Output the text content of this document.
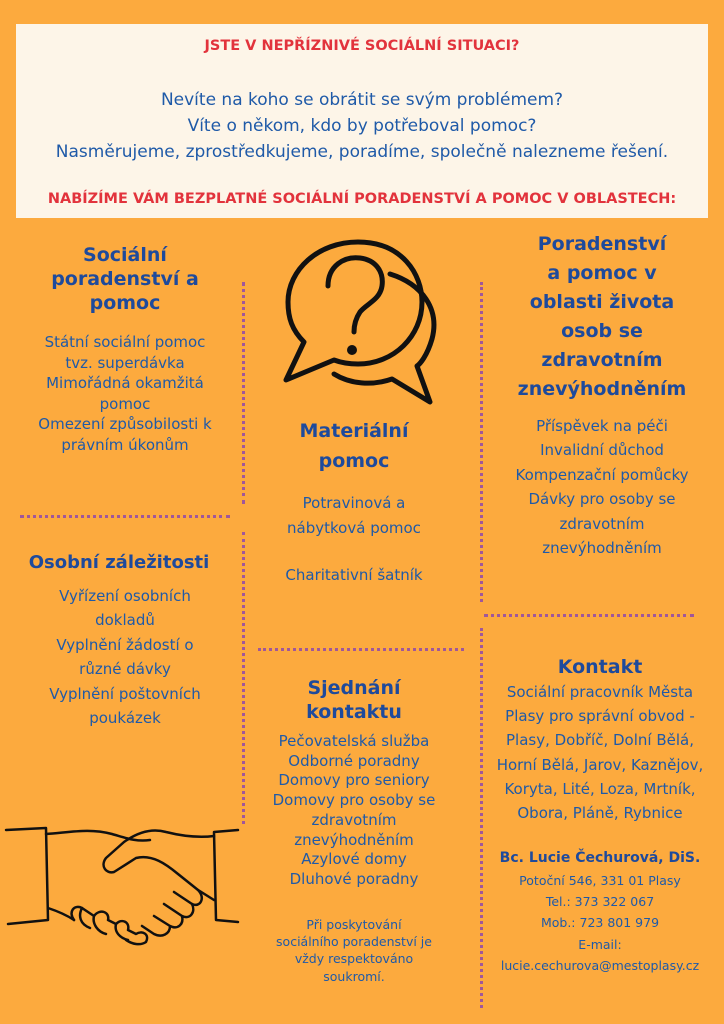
JSTE V NEPŘÍZNIVÉ SOCIÁLNÍ SITUACI?
Nevíte na koho se obrátit se svým problémem?
Víte o někom, kdo by potřeboval pomoc?
Nasměrujeme, zprostředkujeme, poradíme, společně nalezneme řešení.
NABÍZÍME VÁM BEZPLATNÉ SOCIÁLNÍ PORADENSTVÍ A POMOC V OBLASTECH:
Sociální
poradenství a
pomoc
Státní sociální pomoc
tvz. superdávka
Mimořádná okamžitá
pomoc
Omezení způsobilosti k
právním úkonům
Materiální
pomoc
Potravinová a
nábytková pomoc
Charitativní šatník
Poradenství
a pomoc v
oblasti života
osob se
zdravotním
znevýhodněním
Příspěvek na péči
Invalidní důchod
Kompenzační pomůcky
Dávky pro osoby se
zdravotním
znevýhodněním
Osobní záležitosti
Vyřízení osobních
dokladů
Vyplnění žádostí o
různé dávky
Vyplnění poštovních
poukázek
Sjednání
kontaktu
Pečovatelská služba
Odborné poradny
Domovy pro seniory
Domovy pro osoby se
zdravotním
znevýhodněním
Azylové domy
Dluhové poradny
Při poskytování
sociálního poradenství je
vždy respektováno
soukromí.
Kontakt
Sociální pracovník Města
Plasy pro správní obvod -
Plasy, Dobříč, Dolní Bělá,
Horní Bělá, Jarov, Kaznějov,
Koryta, Lité, Loza, Mrtník,
Obora, Pláně, Rybnice
Bc. Lucie Čechurová, DiS.
Potoční 546, 331 01 Plasy
Tel.: 373 322 067
Mob.: 723 801 979
E-mail:
lucie.cechurova@mestoplasy.cz
